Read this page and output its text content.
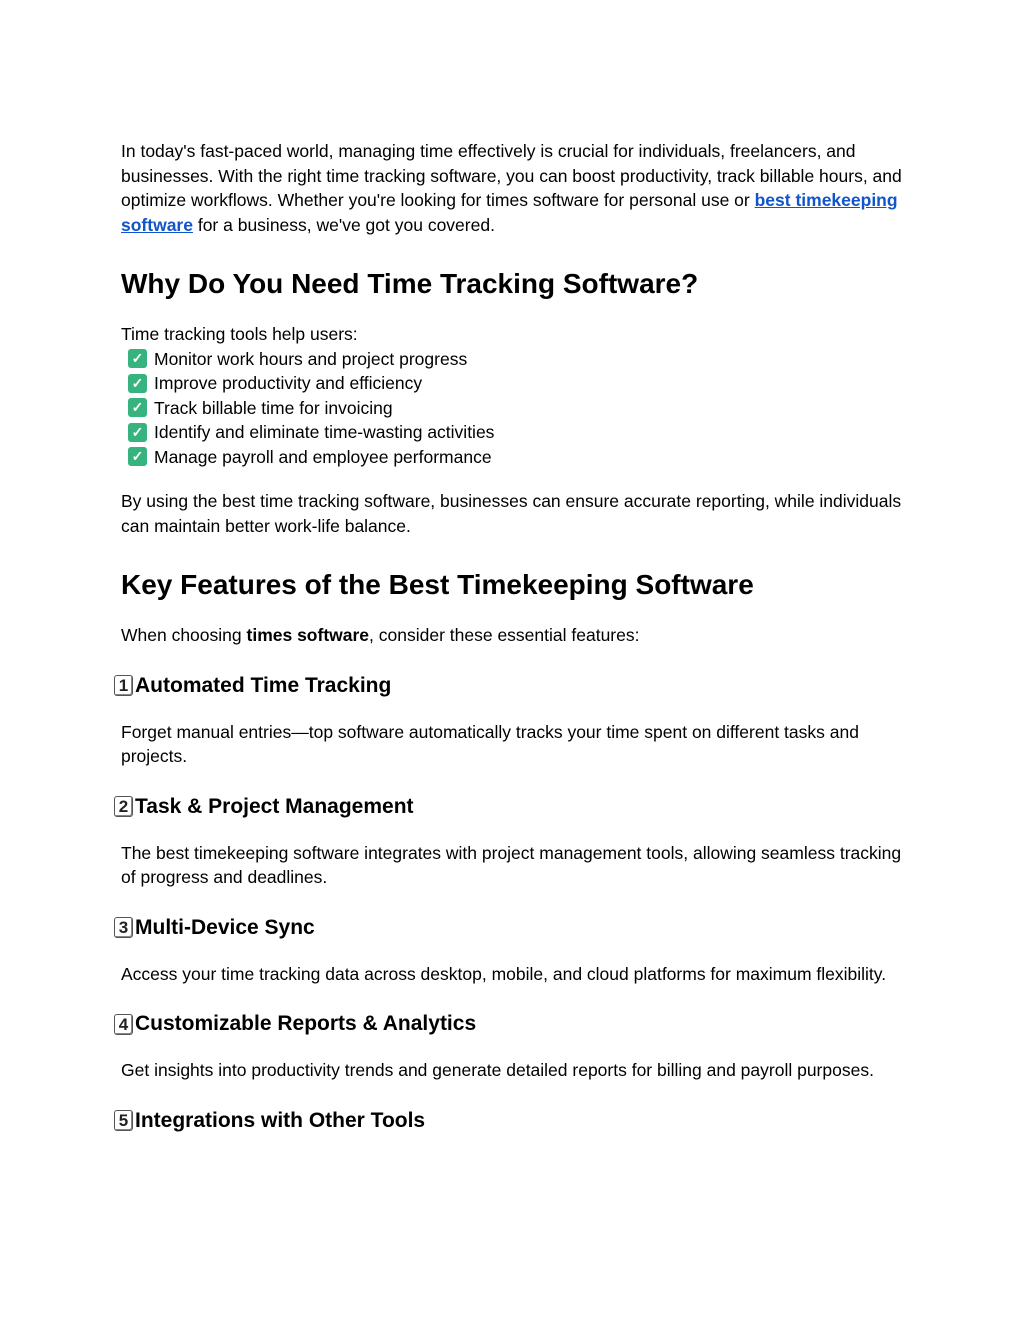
In today's fast-paced world, managing time effectively is crucial for individuals, freelancers, and businesses. With the right time tracking software, you can boost productivity, track billable hours, and optimize workflows. Whether you're looking for times software for personal use or best timekeeping software for a business, we've got you covered.

Why Do You Need Time Tracking Software?

Time tracking tools help users:

✓ Monitor work hours and project progress
✓ Improve productivity and efficiency
✓ Track billable time for invoicing
✓ Identify and eliminate time-wasting activities
✓ Manage payroll and employee performance

By using the best time tracking software, businesses can ensure accurate reporting, while individuals can maintain better work-life balance.

Key Features of the Best Timekeeping Software

When choosing times software, consider these essential features:

1 Automated Time Tracking

Forget manual entries—top software automatically tracks your time spent on different tasks and projects.

2 Task & Project Management

The best timekeeping software integrates with project management tools, allowing seamless tracking of progress and deadlines.

3 Multi-Device Sync

Access your time tracking data across desktop, mobile, and cloud platforms for maximum flexibility.

4 Customizable Reports & Analytics

Get insights into productivity trends and generate detailed reports for billing and payroll purposes.

5 Integrations with Other Tools
